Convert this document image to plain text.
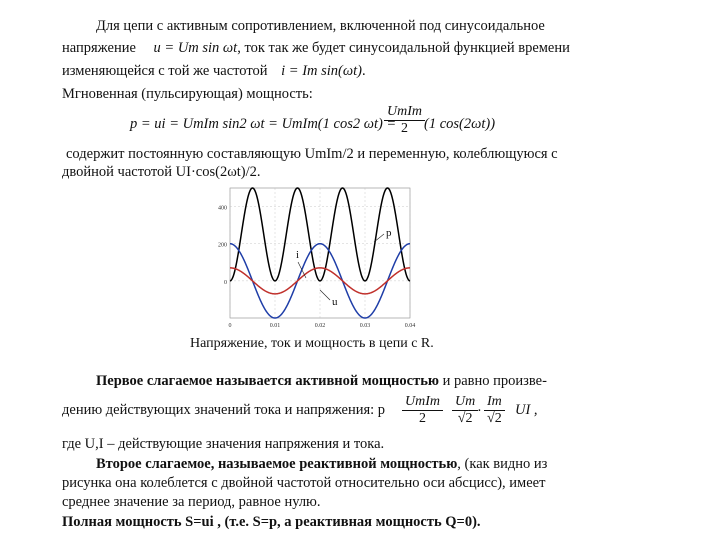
Для цепи с активным сопротивлением, включенной под синусоидальное
напряжение u = Um sin ωt, ток так же будет синусоидальной функцией времени
изменяющейся с той же частотой i = Im sin(ωt).
Мгновенная (пульсирующая) мощность:
p = ui = UmIm sin2 ωt = UmIm(1 cos2 ωt) =
UmIm
2	(1 cos(2ωt))
содержит постоянную составляющую UmIm/2 и переменную, колеблющуюся с
двойной частотой UI·cos(2ωt)/2.
400
200
0
0	0.01	0.02	0.03	0.04
p
i
u
Напряжение, ток и мощность в цепи с R.
Первое слагаемое называется активной мощностью и равно произве-
дению действующих значений тока и напряжения: p
UmIm
2	$\frac{Um}{√2}$
· $\frac{Im}{√2}$ UI ,
где U,I – действующие значения напряжения и тока.
Второе слагаемое, называемое реактивной мощностью, (как видно из
рисунка она колеблется с двойной частотой относительно оси абсцисс), имеет
среднее значение за период, равное нулю.
Полная мощность S=ui , (т.е. S=p, а реактивная мощность Q=0).
